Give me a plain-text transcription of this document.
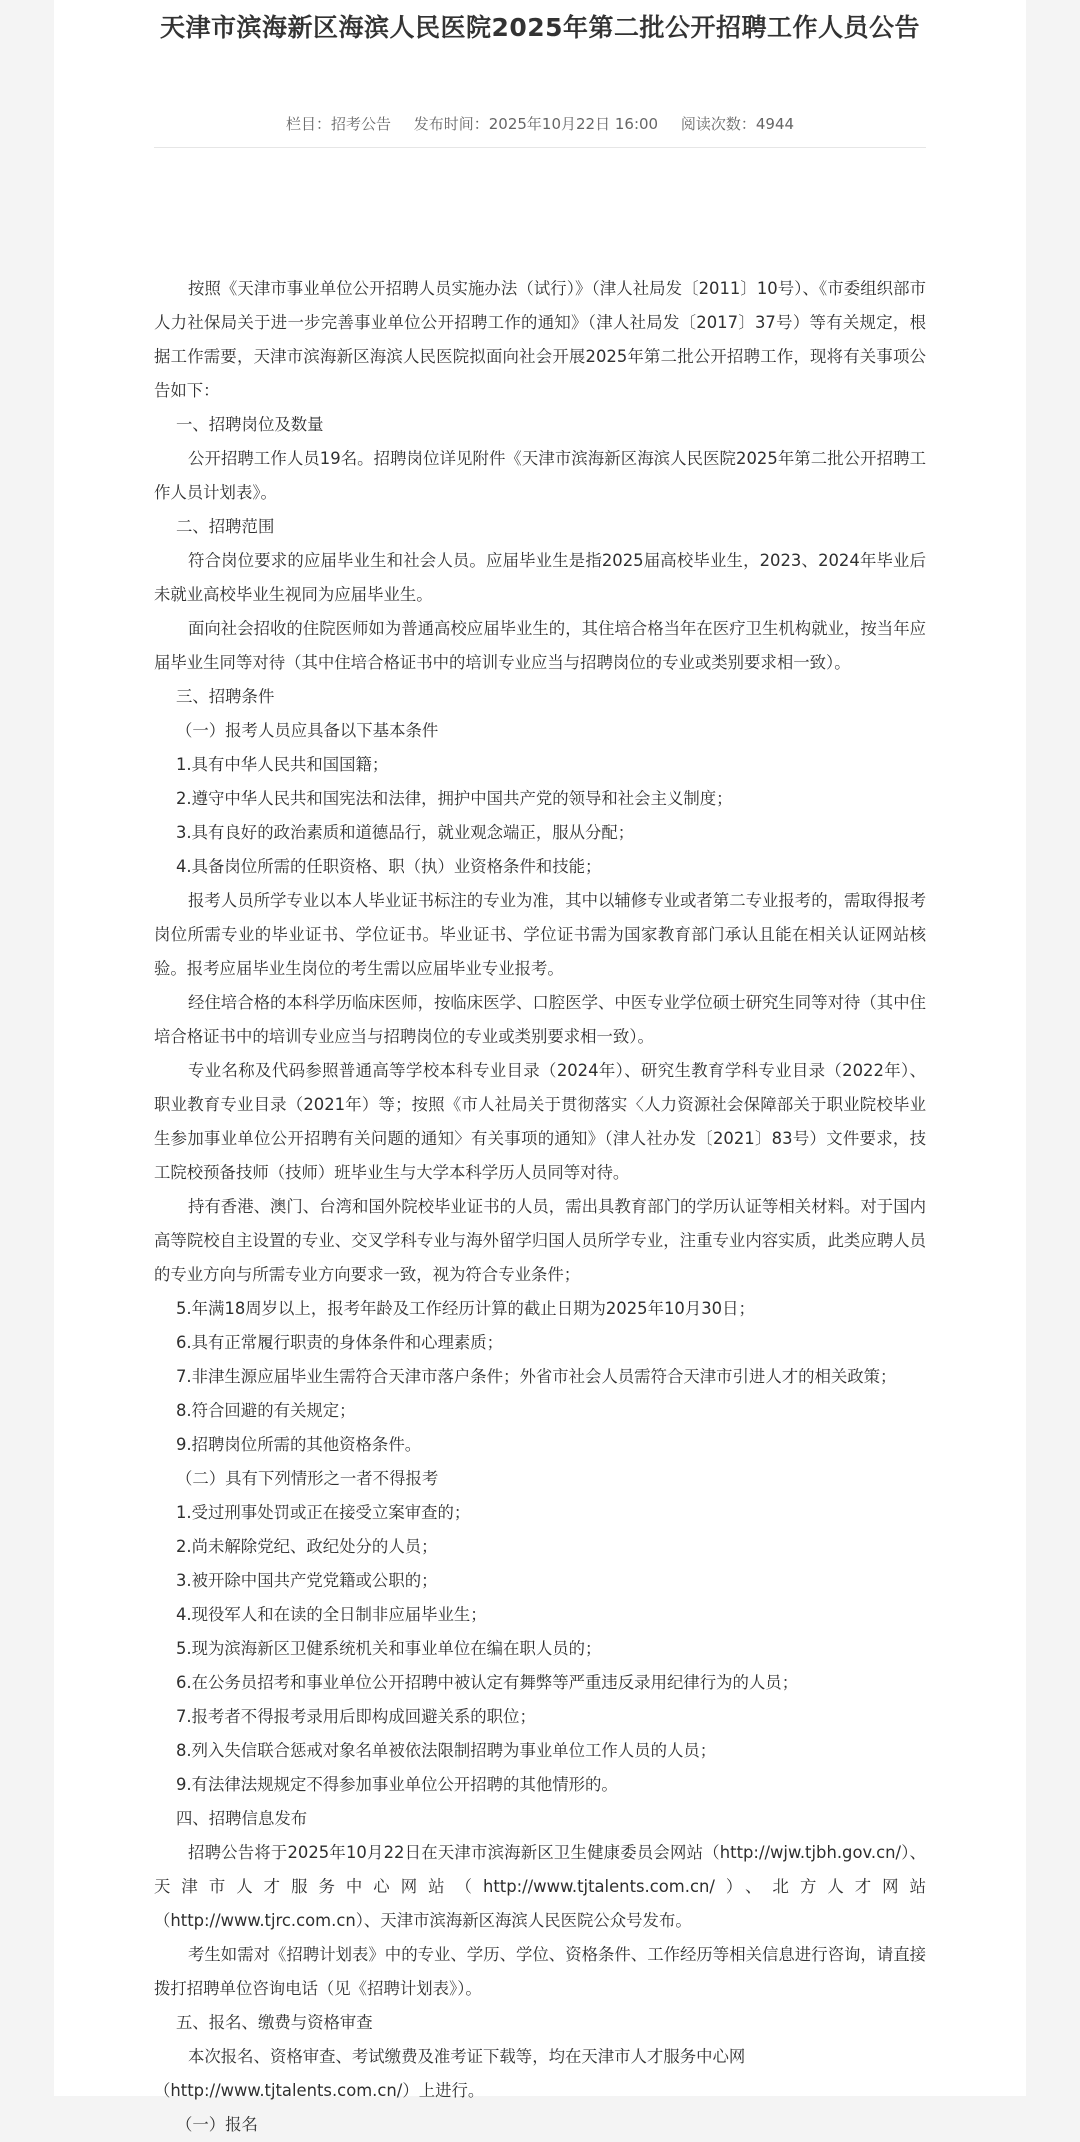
天津市滨海新区海滨人民医院2025年第二批公开招聘工作人员公告
栏目：招考公告 发布时间：2025年10月22日 16:00 阅读次数：4944

按照《天津市事业单位公开招聘人员实施办法（试行）》（津人社局发〔2011〕10号）、《市委组织部市人力社保局关于进一步完善事业单位公开招聘工作的通知》（津人社局发〔2017〕37号）等有关规定，根据工作需要，天津市滨海新区海滨人民医院拟面向社会开展2025年第二批公开招聘工作，现将有关事项公告如下：

一、招聘岗位及数量

公开招聘工作人员19名。招聘岗位详见附件《天津市滨海新区海滨人民医院2025年第二批公开招聘工作人员计划表》。

二、招聘范围

符合岗位要求的应届毕业生和社会人员。应届毕业生是指2025届高校毕业生，2023、2024年毕业后未就业高校毕业生视同为应届毕业生。

面向社会招收的住院医师如为普通高校应届毕业生的，其住培合格当年在医疗卫生机构就业，按当年应届毕业生同等对待（其中住培合格证书中的培训专业应当与招聘岗位的专业或类别要求相一致）。

三、招聘条件

（一）报考人员应具备以下基本条件

1.具有中华人民共和国国籍；

2.遵守中华人民共和国宪法和法律，拥护中国共产党的领导和社会主义制度；

3.具有良好的政治素质和道德品行，就业观念端正，服从分配；

4.具备岗位所需的任职资格、职（执）业资格条件和技能；

报考人员所学专业以本人毕业证书标注的专业为准，其中以辅修专业或者第二专业报考的，需取得报考岗位所需专业的毕业证书、学位证书。毕业证书、学位证书需为国家教育部门承认且能在相关认证网站核验。报考应届毕业生岗位的考生需以应届毕业专业报考。

经住培合格的本科学历临床医师，按临床医学、口腔医学、中医专业学位硕士研究生同等对待（其中住培合格证书中的培训专业应当与招聘岗位的专业或类别要求相一致）。

专业名称及代码参照普通高等学校本科专业目录（2024年）、研究生教育学科专业目录（2022年）、职业教育专业目录（2021年）等；按照《市人社局关于贯彻落实〈人力资源社会保障部关于职业院校毕业生参加事业单位公开招聘有关问题的通知〉有关事项的通知》（津人社办发〔2021〕83号）文件要求，技工院校预备技师（技师）班毕业生与大学本科学历人员同等对待。

持有香港、澳门、台湾和国外院校毕业证书的人员，需出具教育部门的学历认证等相关材料。对于国内高等院校自主设置的专业、交叉学科专业与海外留学归国人员所学专业，注重专业内容实质，此类应聘人员的专业方向与所需专业方向要求一致，视为符合专业条件；

5.年满18周岁以上，报考年龄及工作经历计算的截止日期为2025年10月30日；

6.具有正常履行职责的身体条件和心理素质；

7.非津生源应届毕业生需符合天津市落户条件；外省市社会人员需符合天津市引进人才的相关政策；

8.符合回避的有关规定；

9.招聘岗位所需的其他资格条件。

（二）具有下列情形之一者不得报考

1.受过刑事处罚或正在接受立案审查的；

2.尚未解除党纪、政纪处分的人员；

3.被开除中国共产党党籍或公职的；

4.现役军人和在读的全日制非应届毕业生；

5.现为滨海新区卫健系统机关和事业单位在编在职人员的；

6.在公务员招考和事业单位公开招聘中被认定有舞弊等严重违反录用纪律行为的人员；

7.报考者不得报考录用后即构成回避关系的职位；

8.列入失信联合惩戒对象名单被依法限制招聘为事业单位工作人员的人员；

9.有法律法规规定不得参加事业单位公开招聘的其他情形的。

四、招聘信息发布

招聘公告将于2025年10月22日在天津市滨海新区卫生健康委员会网站（http://wjw.tjbh.gov.cn/）、天津市人才服务中心网站（http://www.tjtalents.com.cn/）、北方人才网站（http://www.tjrc.com.cn）、天津市滨海新区海滨人民医院公众号发布。

考生如需对《招聘计划表》中的专业、学历、学位、资格条件、工作经历等相关信息进行咨询，请直接拨打招聘单位咨询电话（见《招聘计划表》）。

五、报名、缴费与资格审查

本次报名、资格审查、考试缴费及准考证下载等，均在天津市人才服务中心网

（http://www.tjtalents.com.cn/）上进行。

（一）报名
